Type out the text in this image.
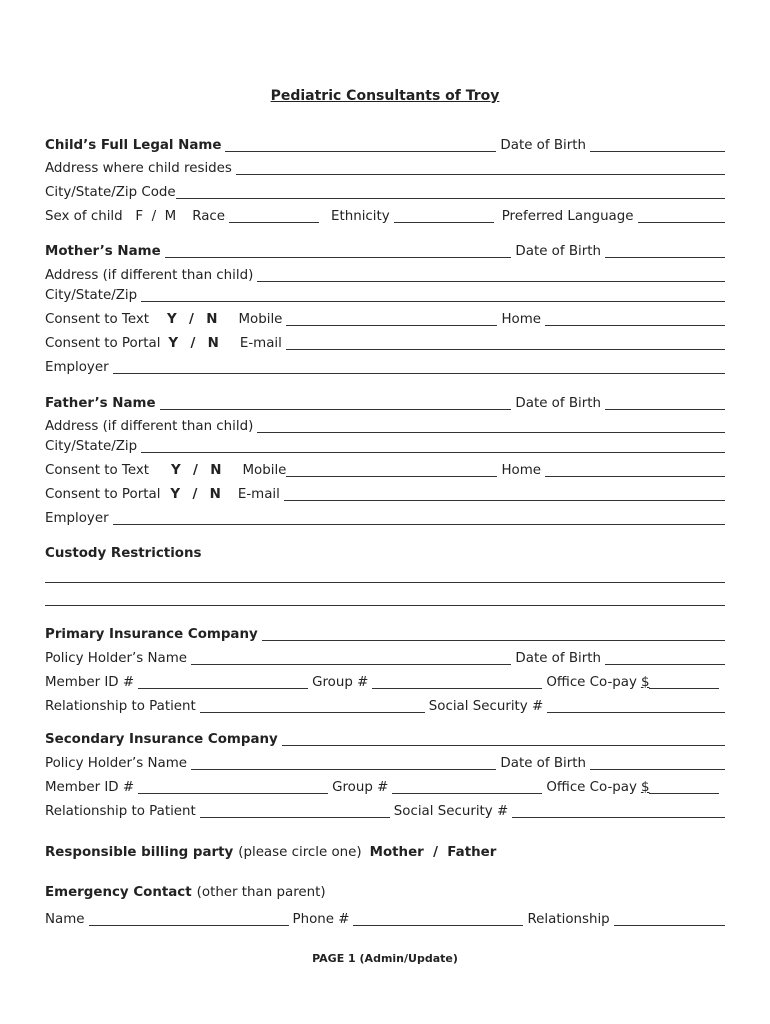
Pediatric Consultants of Troy
Child’s Full Legal Name	Date of Birth
Address where child resides
City/State/Zip Code
Sex of child   F  /  M Race	Ethnicity	Preferred Language
Mother’s Name	Date of Birth
Address (if different than child)
City/State/Zip
Consent to Text Y  /  N Mobile	Home
Consent to Portal Y  /  N E-mail
Employer
Father’s Name	Date of Birth
Address (if different than child)
City/State/Zip
Consent to Text Y  /  N Mobile	Home
Consent to Portal Y  /  N E-mail
Employer
Custody Restrictions
Primary Insurance Company
Policy Holder’s Name	Date of Birth
Member ID #	Group #	Office Co-pay $
Relationship to Patient	Social Security #
Secondary Insurance Company
Policy Holder’s Name	Date of Birth
Member ID #	Group #	Office Co-pay $
Relationship to Patient	Social Security #
Responsible billing party (please circle one) Mother  /  Father
Emergency Contact (other than parent)
Name	Phone #	Relationship
PAGE 1 (Admin/Update)
